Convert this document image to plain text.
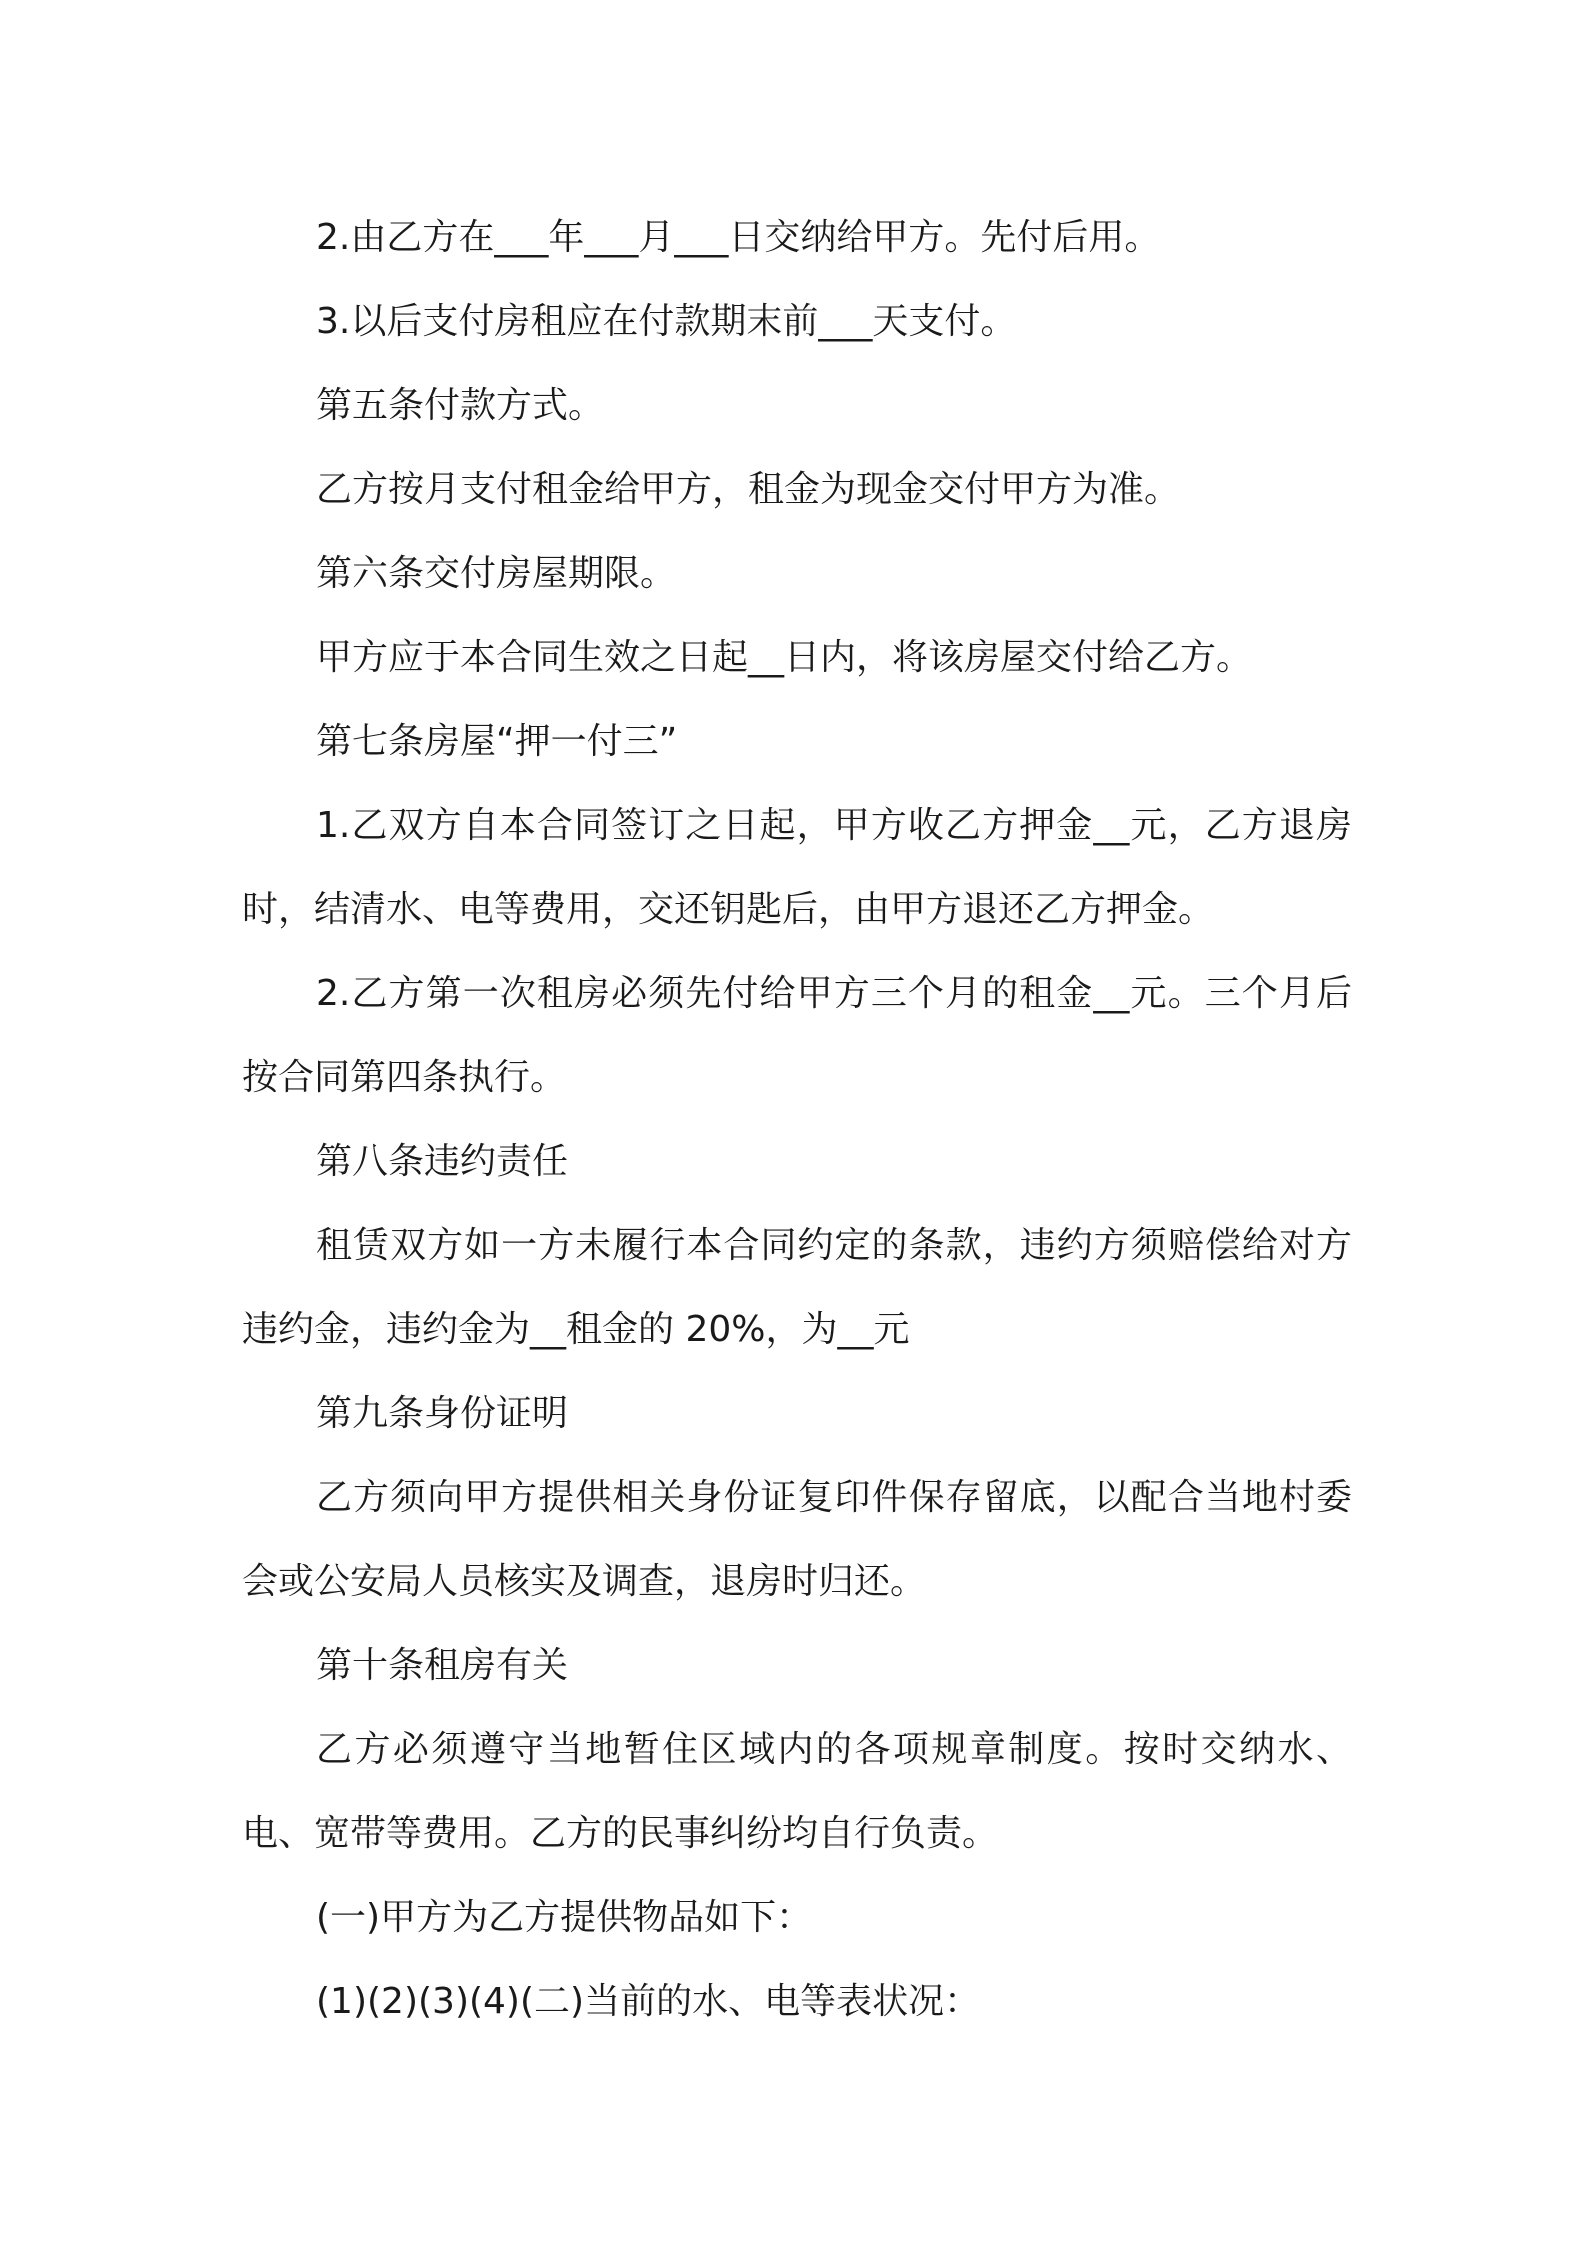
2.由乙方在___年___月___日交纳给甲方。先付后用。

3.以后支付房租应在付款期末前___天支付。

第五条付款方式。

乙方按月支付租金给甲方，租金为现金交付甲方为准。

第六条交付房屋期限。

甲方应于本合同生效之日起__日内，将该房屋交付给乙方。

第七条房屋“押一付三”

1.乙双方自本合同签订之日起，甲方收乙方押金__元，乙方退房时，结清水、电等费用，交还钥匙后，由甲方退还乙方押金。

2.乙方第一次租房必须先付给甲方三个月的租金__元。三个月后按合同第四条执行。

第八条违约责任

租赁双方如一方未履行本合同约定的条款，违约方须赔偿给对方违约金，违约金为__租金的 20%，为__元

第九条身份证明

乙方须向甲方提供相关身份证复印件保存留底，以配合当地村委会或公安局人员核实及调查，退房时归还。

第十条租房有关

乙方必须遵守当地暂住区域内的各项规章制度。按时交纳水、电、宽带等费用。乙方的民事纠纷均自行负责。

(一)甲方为乙方提供物品如下：

(1)(2)(3)(4)(二)当前的水、电等表状况：
